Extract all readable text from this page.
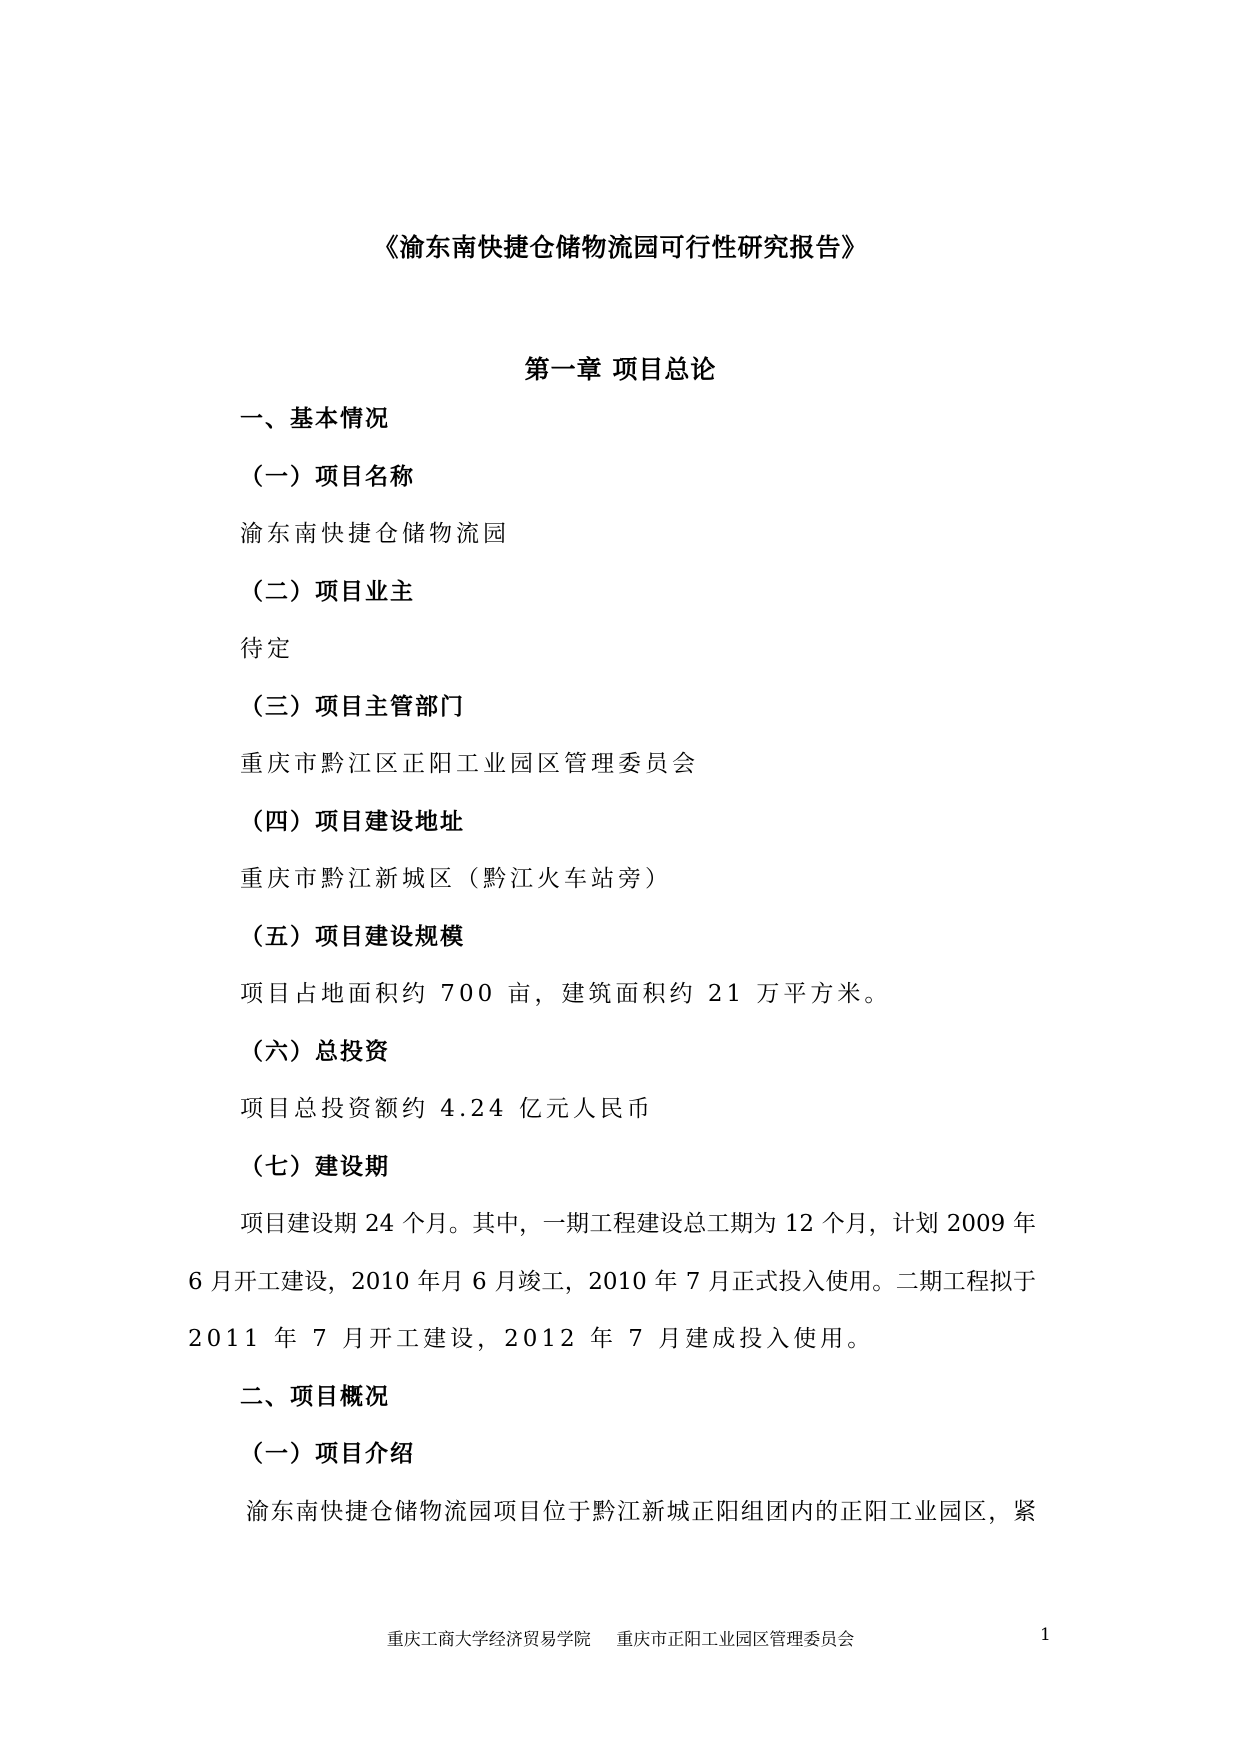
《渝东南快捷仓储物流园可行性研究报告》
第一章 项目总论
一、基本情况
（一）项目名称
渝东南快捷仓储物流园
（二）项目业主
待定
（三）项目主管部门
重庆市黔江区正阳工业园区管理委员会
（四）项目建设地址
重庆市黔江新城区（黔江火车站旁）
（五）项目建设规模
项目占地面积约 700 亩，建筑面积约 21 万平方米。
（六）总投资
项目总投资额约 4.24 亿元人民币
（七）建设期
项目建设期 24 个月。其中，一期工程建设总工期为 12 个月，计划 2009 年
6 月开工建设，2010 年月 6 月竣工，2010 年 7 月正式投入使用。二期工程拟于
2011 年 7 月开工建设，2012 年 7 月建成投入使用。
二、项目概况
（一）项目介绍
渝东南快捷仓储物流园项目位于黔江新城正阳组团内的正阳工业园区，紧
重庆工商大学经济贸易学院 重庆市正阳工业园区管理委员会	1
